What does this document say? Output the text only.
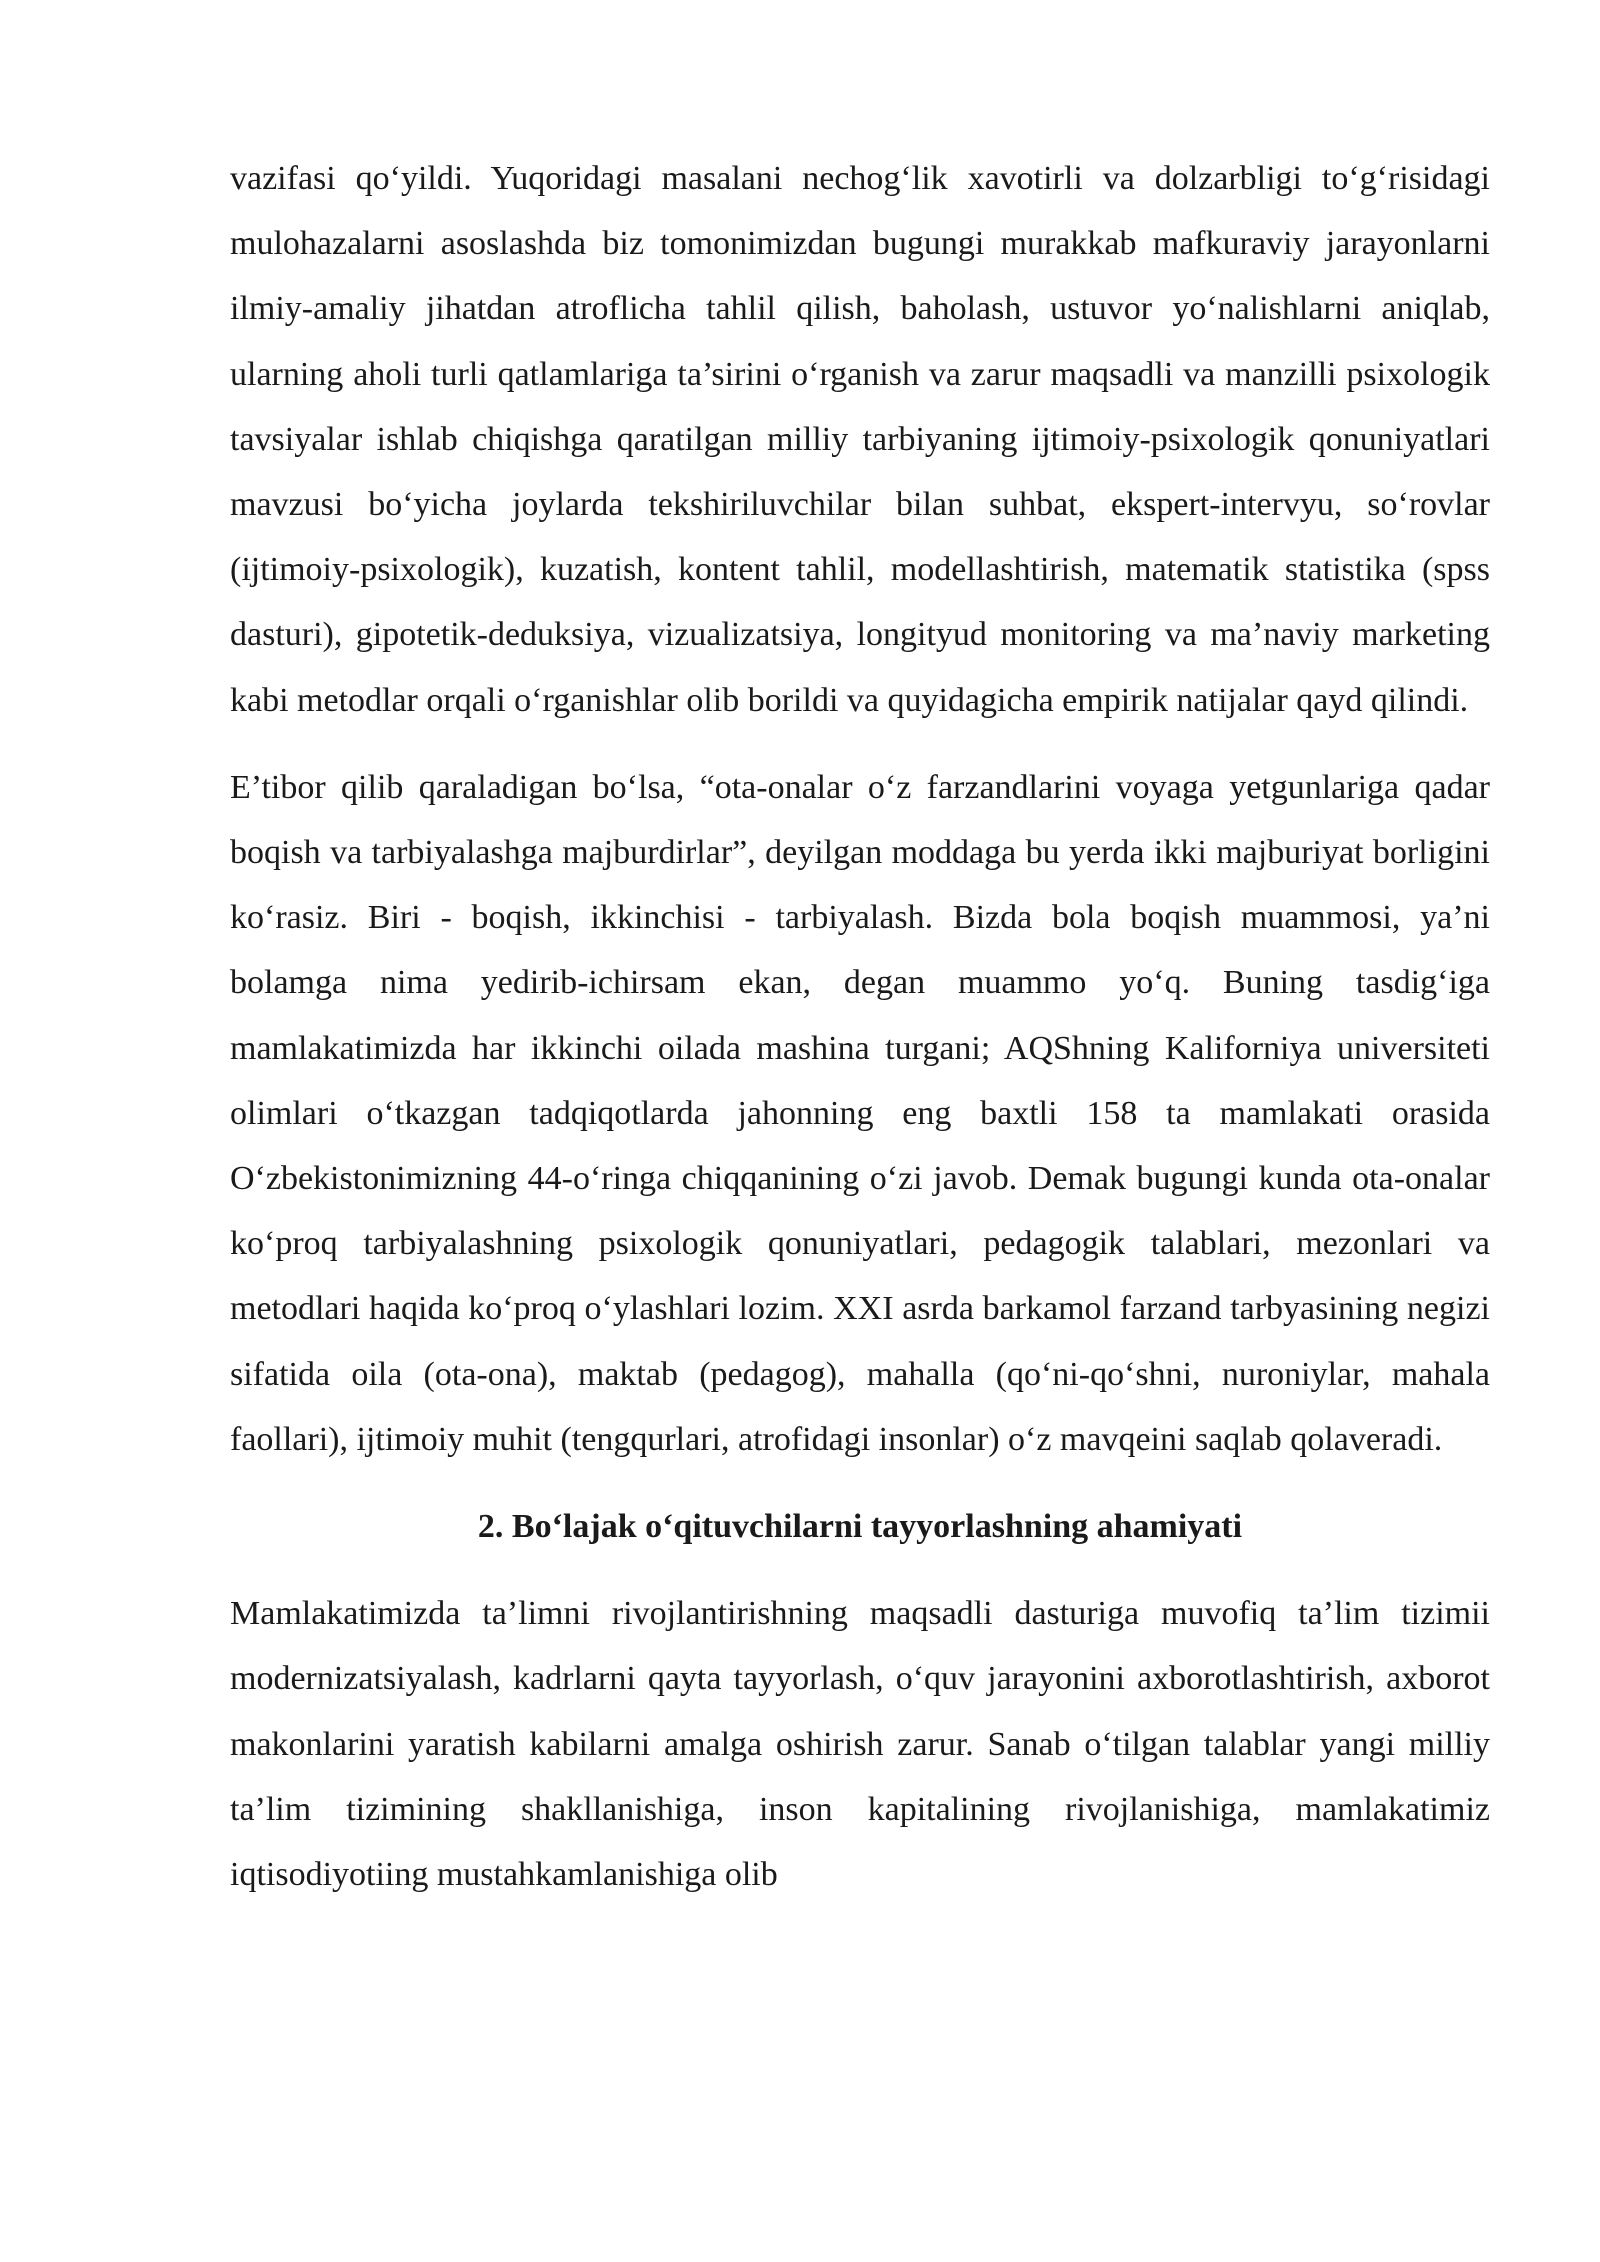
vazifasi qo‘yildi. Yuqoridagi masalani nechog‘lik xavotirli va dolzarbligi to‘g‘risidagi mulohazalarni asoslashda biz tomonimizdan bugungi murakkab mafkuraviy jarayonlarni ilmiy-amaliy jihatdan atroflicha tahlil qilish, baholash, ustuvor yo‘nalishlarni aniqlab, ularning aholi turli qatlamlariga ta’sirini o‘rganish va zarur maqsadli va manzilli psixologik tavsiyalar ishlab chiqishga qaratilgan milliy tarbiyaning ijtimoiy-psixologik qonuniyatlari mavzusi bo‘yicha joylarda tekshiriluvchilar bilan suhbat, ekspert-intervyu, so‘rovlar (ijtimoiy-psixologik), kuzatish, kontent tahlil, modellashtirish, matematik statistika (spss dasturi), gipotetik-deduksiya, vizualizatsiya, longityud monitoring va ma’naviy marketing kabi metodlar orqali o‘rganishlar olib borildi va quyidagicha empirik natijalar qayd qilindi.

E’tibor qilib qaraladigan bo‘lsa, “ota-onalar o‘z farzandlarini voyaga yetgunlariga qadar boqish va tarbiyalashga majburdirlar”, deyilgan moddaga bu yerda ikki majburiyat borligini ko‘rasiz. Biri - boqish, ikkinchisi - tarbiyalash. Bizda bola boqish muammosi, ya’ni bolamga nima yedirib-ichirsam ekan, degan muammo yo‘q. Buning tasdig‘iga mamlakatimizda har ikkinchi oilada mashina turgani; AQShning Kaliforniya universiteti olimlari o‘tkazgan tadqiqotlarda jahonning eng baxtli 158 ta mamlakati orasida O‘zbekistonimizning 44-o‘ringa chiqqanining o‘zi javob. Demak bugungi kunda ota-onalar ko‘proq tarbiyalashning psixologik qonuniyatlari, pedagogik talablari, mezonlari va metodlari haqida ko‘proq o‘ylashlari lozim. XXI asrda barkamol farzand tarbyasining negizi sifatida oila (ota-ona), maktab (pedagog), mahalla (qo‘ni-qo‘shni, nuroniylar, mahala faollari), ijtimoiy muhit (tengqurlari, atrofidagi insonlar) o‘z mavqeini saqlab qolaveradi.

2. Bo‘lajak o‘qituvchilarni tayyorlashning ahamiyati

Mamlakatimizda ta’limni rivojlantirishning maqsadli dasturiga muvofiq ta’lim tizimii modernizatsiyalash, kadrlarni qayta tayyorlash, o‘quv jarayonini axborotlashtirish, axborot makonlarini yaratish kabilarni amalga oshirish zarur. Sanab o‘tilgan talablar yangi milliy ta’lim tizimining shakllanishiga, inson kapitalining rivojlanishiga, mamlakatimiz iqtisodiyotiing mustahkamlanishiga olib
